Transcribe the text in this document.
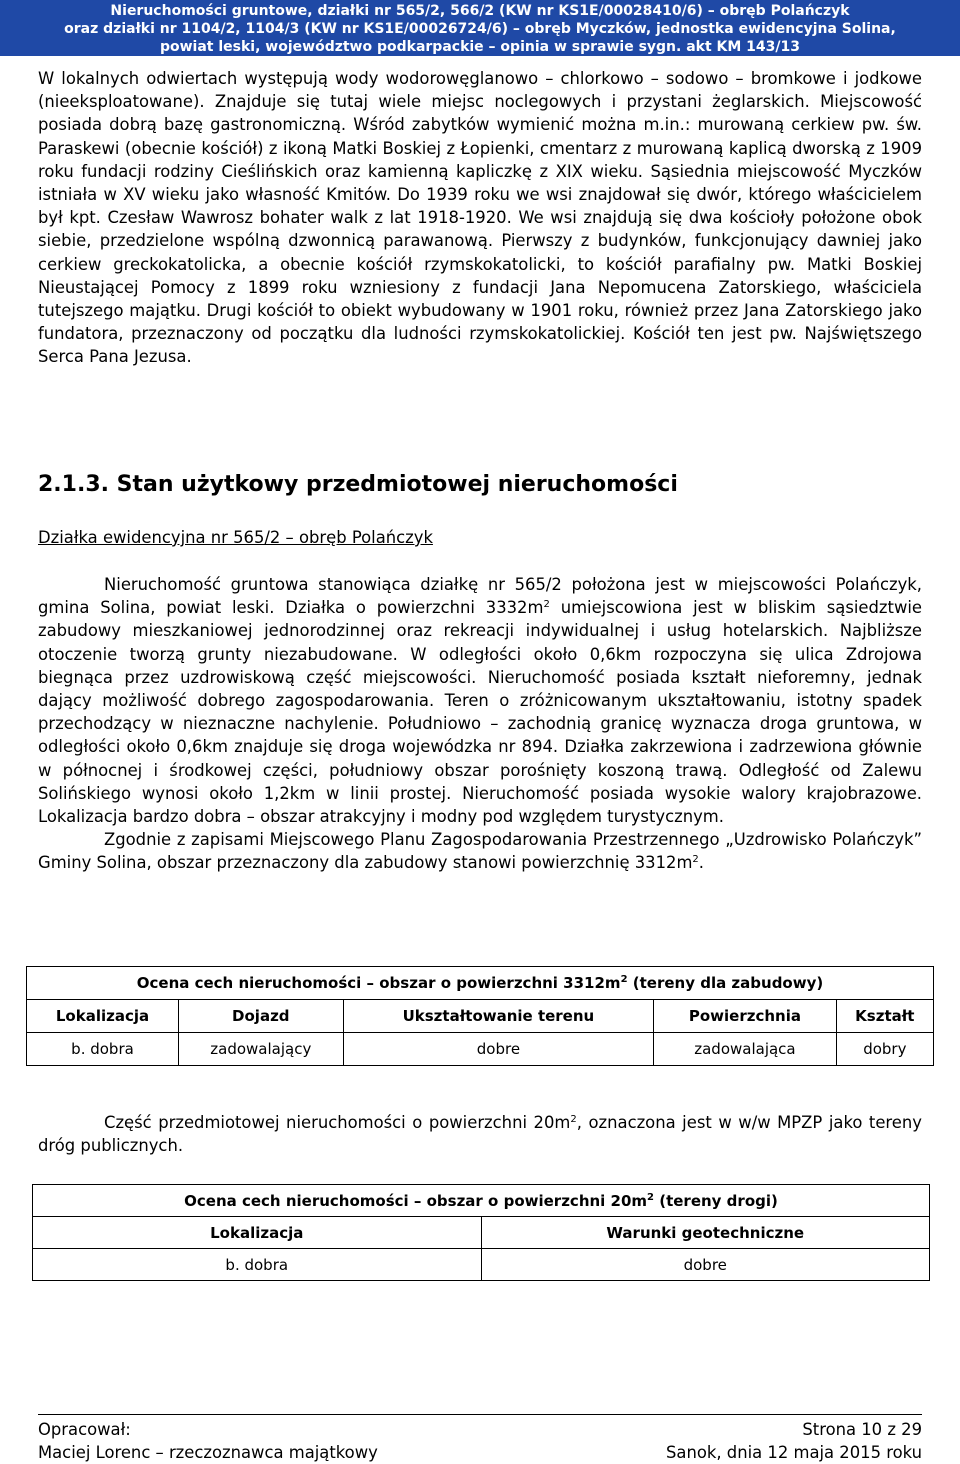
Nieruchomości gruntowe, działki nr 565/2, 566/2 (KW nr KS1E/00028410/6) – obręb Polańczyk
oraz działki nr 1104/2, 1104/3 (KW nr KS1E/00026724/6) – obręb Myczków, jednostka ewidencyjna Solina,
powiat leski, województwo podkarpackie – opinia w sprawie sygn. akt KM 143/13
W lokalnych odwiertach występują wody wodorowęglanowo – chlorkowo – sodowo – bromkowe i jodkowe (nieeksploatowane). Znajduje się tutaj wiele miejsc noclegowych i przystani żeglarskich. Miejscowość posiada dobrą bazę gastronomiczną. Wśród zabytków wymienić można m.in.: murowaną cerkiew pw. św. Paraskewi (obecnie kościół) z ikoną Matki Boskiej z Łopienki, cmentarz z murowaną kaplicą dworską z 1909 roku fundacji rodziny Cieślińskich oraz kamienną kapliczkę z XIX wieku. Sąsiednia miejscowość Myczków istniała w XV wieku jako własność Kmitów. Do 1939 roku we wsi znajdował się dwór, którego właścicielem był kpt. Czesław Wawrosz bohater walk z lat 1918-1920. We wsi znajdują się dwa kościoły położone obok siebie, przedzielone wspólną dzwonnicą parawanową. Pierwszy z budynków, funkcjonujący dawniej jako cerkiew greckokatolicka, a obecnie kościół rzymskokatolicki, to kościół parafialny pw. Matki Boskiej Nieustającej Pomocy z 1899 roku wzniesiony z fundacji Jana Nepomucena Zatorskiego, właściciela tutejszego majątku. Drugi kościół to obiekt wybudowany w 1901 roku, również przez Jana Zatorskiego jako fundatora, przeznaczony od początku dla ludności rzymskokatolickiej. Kościół ten jest pw. Najświętszego Serca Pana Jezusa.
2.1.3. Stan użytkowy przedmiotowej nieruchomości
Działka ewidencyjna nr 565/2 – obręb Polańczyk

Nieruchomość gruntowa stanowiąca działkę nr 565/2 położona jest w miejscowości Polańczyk, gmina Solina, powiat leski. Działka o powierzchni $3332m^2$ umiejscowiona jest w bliskim sąsiedztwie zabudowy mieszkaniowej jednorodzinnej oraz rekreacji indywidualnej i usług hotelarskich. Najbliższe otoczenie tworzą grunty niezabudowane. W odległości około 0,6km rozpoczyna się ulica Zdrojowa biegnąca przez uzdrowiskową część miejscowości. Nieruchomość posiada kształt nieforemny, jednak dający możliwość dobrego zagospodarowania. Teren o zróżnicowanym ukształtowaniu, istotny spadek przechodzący w nieznaczne nachylenie. Południowo – zachodnią granicę wyznacza droga gruntowa, w odległości około 0,6km znajduje się droga wojewódzka nr 894. Działka zakrzewiona i zadrzewiona głównie w północnej i środkowej części, południowy obszar porośnięty koszoną trawą. Odległość od Zalewu Solińskiego wynosi około 1,2km w linii prostej. Nieruchomość posiada wysokie walory krajobrazowe. Lokalizacja bardzo dobra – obszar atrakcyjny i modny pod względem turystycznym.

Zgodnie z zapisami Miejscowego Planu Zagospodarowania Przestrzennego „Uzdrowisko Polańczyk” Gminy Solina, obszar przeznaczony dla zabudowy stanowi powierzchnię $3312m^2$.

Ocena cech nieruchomości – obszar o powierzchni $3312m^2$ (tereny dla zabudowy)				
Lokalizacja	Dojazd	Ukształtowanie terenu	Powierzchnia	Kształt
b. dobra	zadowalający	dobre	zadowalająca	dobry

Część przedmiotowej nieruchomości o powierzchni $20m^2$, oznaczona jest w w/w MPZP jako tereny dróg publicznych.

Ocena cech nieruchomości – obszar o powierzchni $20m^2$ (tereny drogi)	
Lokalizacja	Warunki geotechniczne
b. dobra	dobre
Opracował:	Strona 10 z 29
Maciej Lorenc – rzeczoznawca majątkowy	Sanok, dnia 12 maja 2015 roku
